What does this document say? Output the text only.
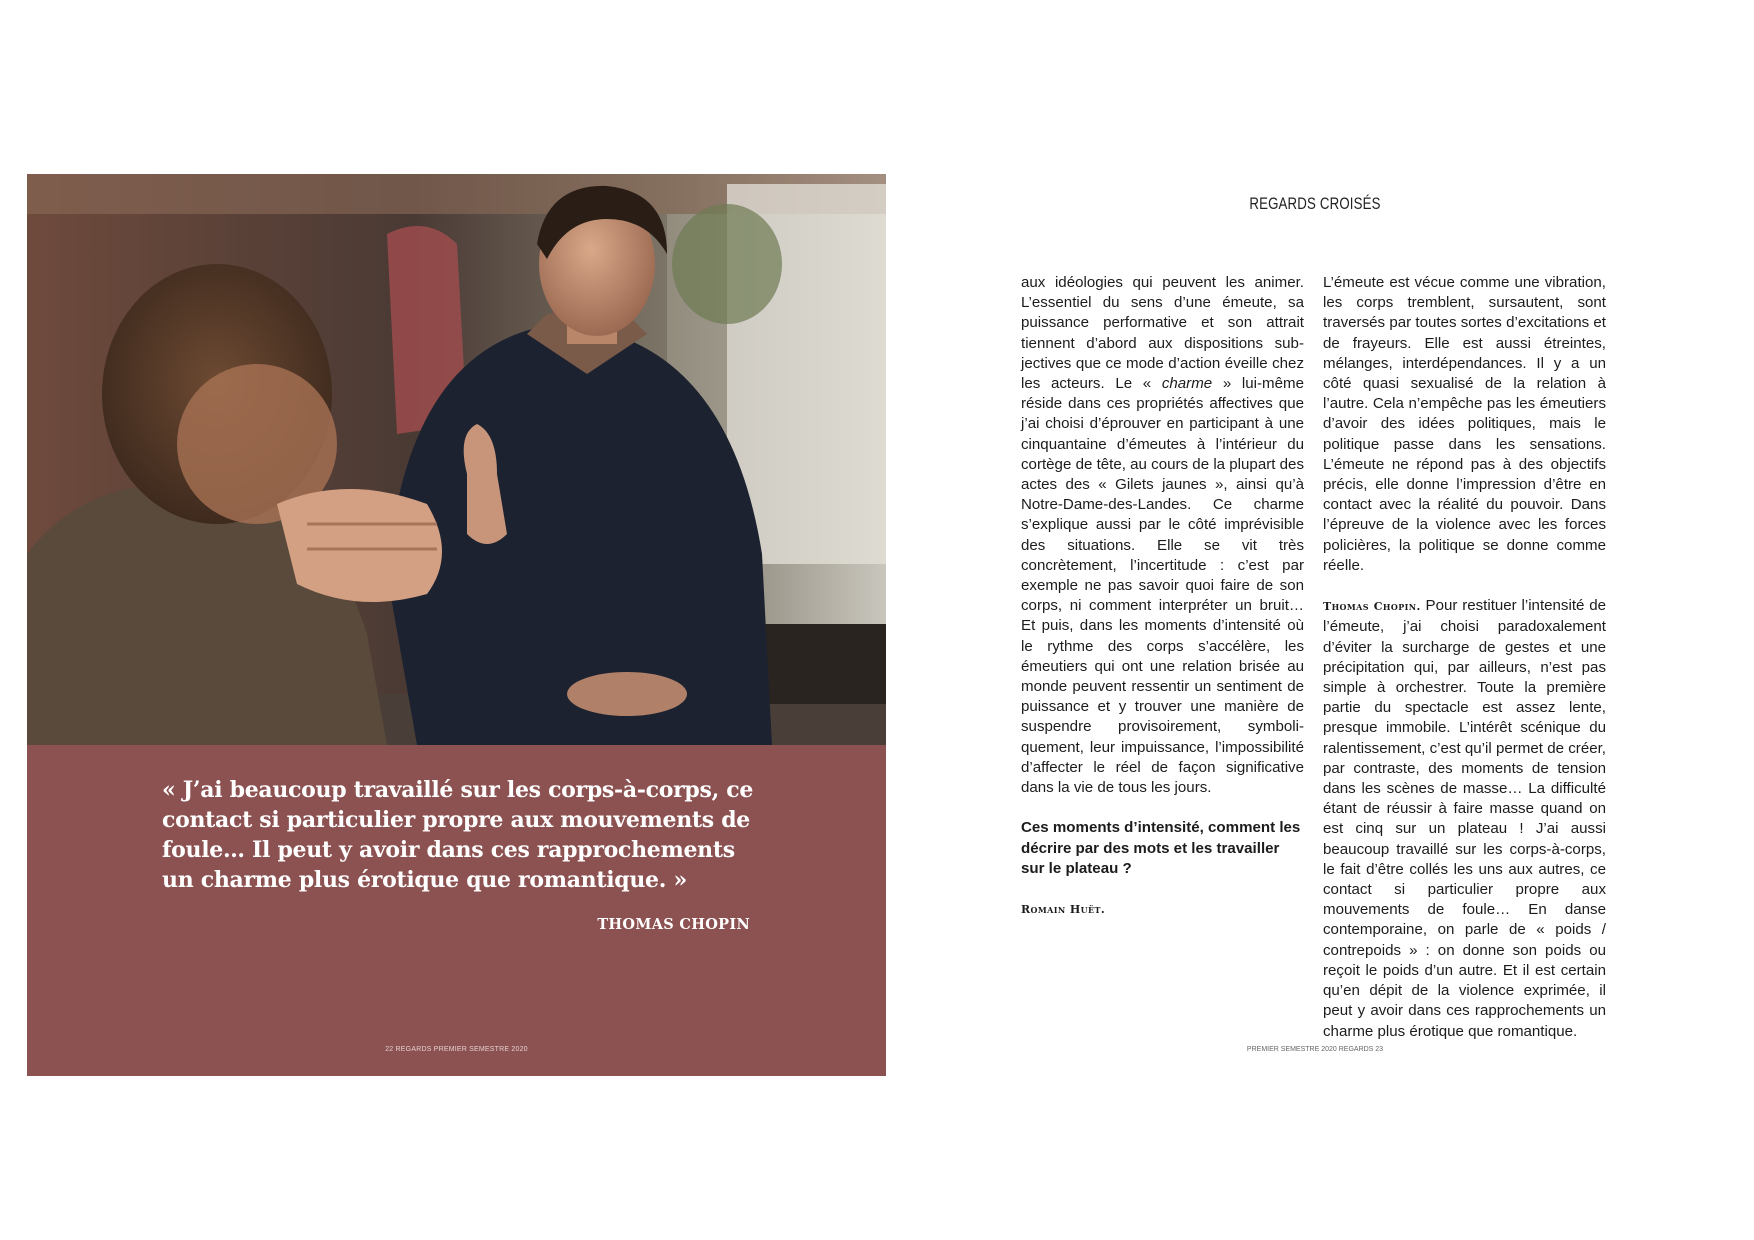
« J’ai beaucoup travaillé sur les corps-à-corps, ce contact si particulier propre aux mouvements de foule… Il peut y avoir dans ces rapprochements un charme plus érotique que romantique. »

THOMAS CHOPIN
22 REGARDS PREMIER SEMESTRE 2020
REGARDS CROISÉS

aux idéologies qui peuvent les animer. L’essentiel du sens d’une émeute, sa puissance performative et son attrait tiennent d’abord aux dispositions subjectives que ce mode d’action éveille chez les acteurs. Le « charme » lui-même réside dans ces propriétés affectives que j’ai choisi d’éprouver en participant à une cinquantaine d’émeutes à l’intérieur du cortège de tête, au cours de la plupart des actes des « Gilets jaunes », ainsi qu’à Notre-Dame-des-Landes. Ce charme s’explique aussi par le côté imprévisible des situations. Elle se vit très concrètement, l’incertitude : c’est par exemple ne pas savoir quoi faire de son corps, ni comment interpréter un bruit… Et puis, dans les moments d’intensité où le rythme des corps s’accélère, les émeutiers qui ont une relation brisée au monde peuvent ressentir un sentiment de puissance et y trouver une manière de suspendre provisoirement, symboliquement, leur impuissance, l’impossibilité d’affecter le réel de façon significative dans la vie de tous les jours.

Ces moments d’intensité, comment les décrire par des mots et les travailler sur le plateau ?

Romain Huët.

L’émeute est vécue comme une vibration, les corps tremblent, sursautent, sont traversés par toutes sortes d’excitations et de frayeurs. Elle est aussi étreintes, mélanges, interdépendances. Il y a un côté quasi sexualisé de la relation à l’autre. Cela n’empêche pas les émeutiers d’avoir des idées politiques, mais le politique passe dans les sensations. L’émeute ne répond pas à des objectifs précis, elle donne l’impression d’être en contact avec la réalité du pouvoir. Dans l’épreuve de la violence avec les forces policières, la politique se donne comme réelle.

Thomas Chopin. Pour restituer l’intensité de l’émeute, j’ai choisi paradoxalement d’éviter la surcharge de gestes et une précipitation qui, par ailleurs, n’est pas simple à orchestrer. Toute la première partie du spectacle est assez lente, presque immobile. L’intérêt scénique du ralentissement, c’est qu’il permet de créer, par contraste, des moments de tension dans les scènes de masse… La difficulté étant de réussir à faire masse quand on est cinq sur un plateau ! J’ai aussi beaucoup travaillé sur les corps-à-corps, le fait d’être collés les uns aux autres, ce contact si particulier propre aux mouvements de foule… En danse contemporaine, on parle de « poids / contrepoids » : on donne son poids ou reçoit le poids d’un autre. Et il est certain qu’en dépit de la violence exprimée, il peut y avoir dans ces rapprochements un charme plus érotique que romantique.

PREMIER SEMESTRE 2020 REGARDS 23
